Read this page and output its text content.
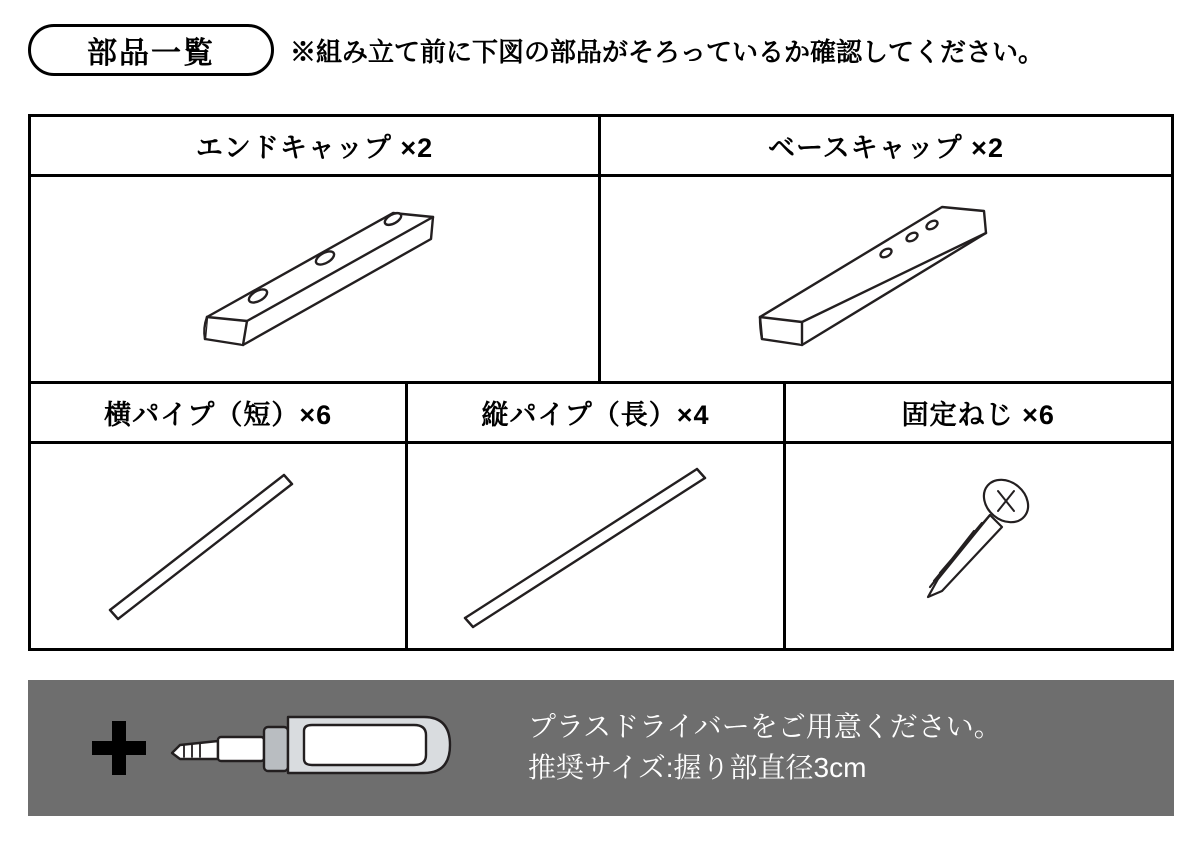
部品一覧	※組み立て前に下図の部品がそろっているか確認してください。
エンドキャップ ×2	ベースキャップ ×2
横パイプ（短）×6	縦パイプ（長）×4	固定ねじ ×6
プラスドライバーをご用意ください。
推奨サイズ:握り部直径3cm
